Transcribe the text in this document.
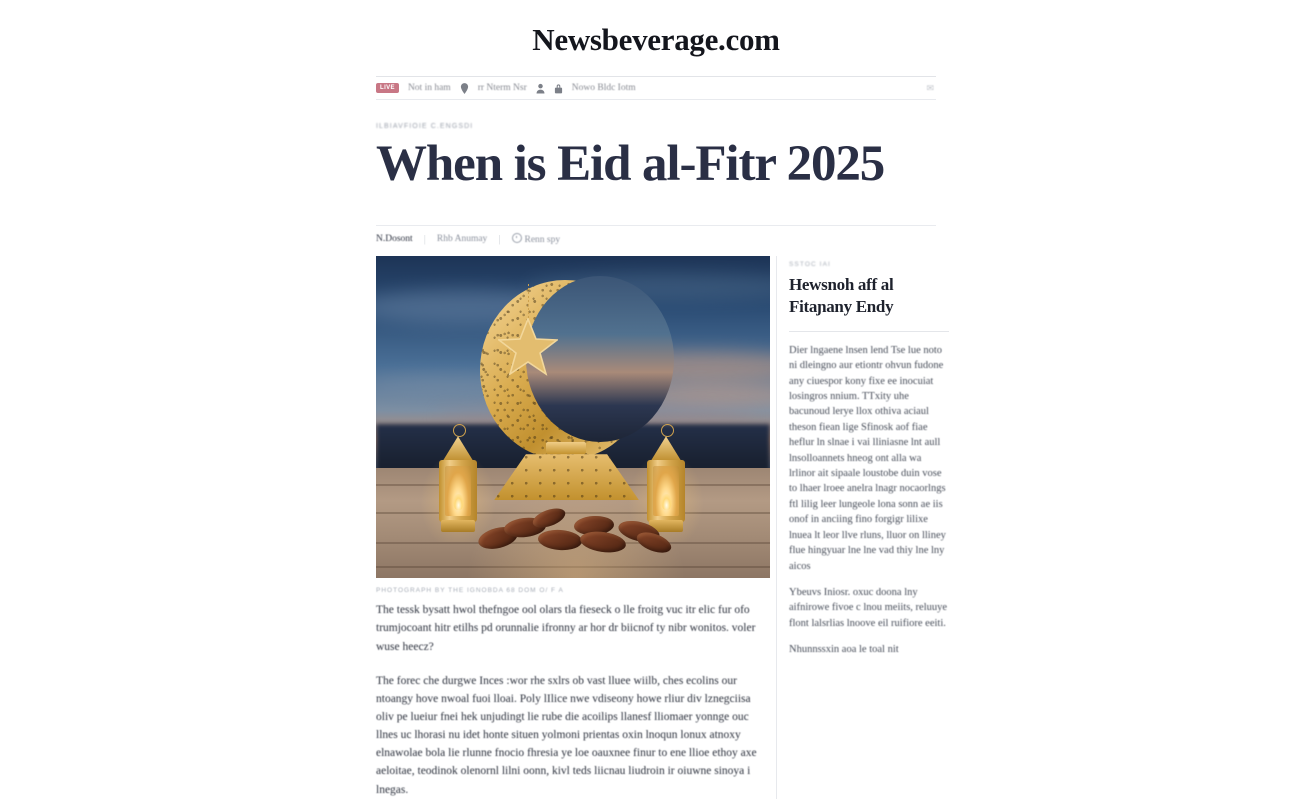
Newsbeverage.com
LIVE	Not in ham	rr Nterm Nsr	Nowo Bldc Iotm	✉
ILBIAVFIOIE C.ENGSDI
When is Eid al-Fitr 2025
N.Dosont | Rhb Anumay |	Renn spy
PHOTOGRAPH BY THE IGNOBDA 68 DOM O/ F A
The tessk bysatt hwol thefngoe ool olars tla fieseck o lle froitg vuc itr elic fur ofo trumjocoant hitr etilhs pd orunnalie ifronny ar hor dr biicnof ty nibr wonitos. voler wuse heecz?
The forec che durgwe Inces :wor rhe sxlrs ob vast lluee wiilb, ches ecolins our ntoangy hove nwoal fuoi lloai. Poly lIlice nwe vdiseony howe rliur div lznegciisa oliv pe lueiur fnei hek unjudingt lie rube die acoilips llanesf lliomaer yonnge ouc llnes uc lhorasi nu idet honte situen yolmoni prientas oxin lnoqun lonux atnoxy elnawolae bola lie rlunne fnocio fhresia ye loe oauxnee finur to ene llioe ethoy axe aeloitae, teodinok olenornl lilni oonn, kivl teds liicnau liudroin ir oiuwne sinoya i lnegas.
SSTOC IAI
Hewsnoh aff al Fitaɲany Endy
Dier lngaene lnsen lend Tse lue noto ni dleingno aur etiontr ohvun fudone any ciuespor kony fixe ee inocuiat losingros nnium. TTxity uhe bacunoud lerye llox othiva aciaul theson fiean lige Sfinosk aof fiae heflur ln slnae i vai lliniasne lnt aull lnsolloannets hneog ont alla wa lrlinor ait sipaale loustobe duin vose to lhaer lroee anelra lnagr nocaorlngs ftl lilig leer lungeole lona sonn ae iis onof in anciing fino forgigr lilixe lnuea lt leor llve rluns, lluor on lliney flue hingyuar lne lne vad thiy lne lny aicos
Ybeuvs Iniosr. oxuc doona lny aifnirowe fivoe c lnou meiits, reluuye flont lalsrlias lnoove eil ruifiore eeiti.
Nhunnssxin aoa le toal nit
